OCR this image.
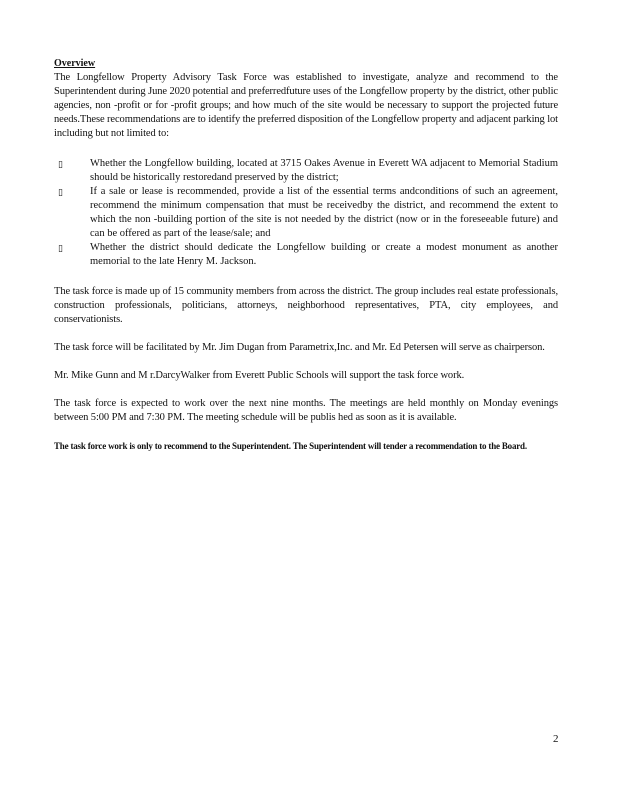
Overview

The Longfellow Property Advisory Task Force was established to investigate, analyze and recommend to the Superintendent during June 2020 potential and preferredfuture uses of the Longfellow property by the district, other public agencies, non -profit or for -profit groups; and how much of the site would be necessary to support the projected future needs.These recommendations are to identify the preferred disposition of the Longfellow property and adjacent parking lot including but not limited to:

▯	Whether the Longfellow building, located at 3715 Oakes Avenue in Everett WA adjacent to Memorial Stadium should be historically restoredand preserved by the district;
▯	If a sale or lease is recommended, provide a list of the essential terms andconditions of such an agreement, recommend the minimum compensation that must be receivedby the district, and recommend the extent to which the non -building portion of the site is not needed by the district (now or in the foreseeable future) and can be offered as part of the lease/sale; and
▯	Whether the district should dedicate the Longfellow building or create a modest monument as another memorial to the late Henry M. Jackson.

The task force is made up of 15 community members from across the district. The group includes real estate professionals, construction professionals, politicians, attorneys, neighborhood representatives, PTA, city employees, and conservationists.

The task force will be facilitated by Mr. Jim Dugan from Parametrix,Inc. and Mr. Ed Petersen will serve as chairperson.

Mr. Mike Gunn and M r.DarcyWalker from Everett Public Schools will support the task force work.

The task force is expected to work over the next nine months. The meetings are held monthly on Monday evenings between 5:00 PM and 7:30 PM. The meeting schedule will be publis hed as soon as it is available.

The task force work is only to recommend to the Superintendent. The Superintendent will tender a recommendation to the Board.

2
